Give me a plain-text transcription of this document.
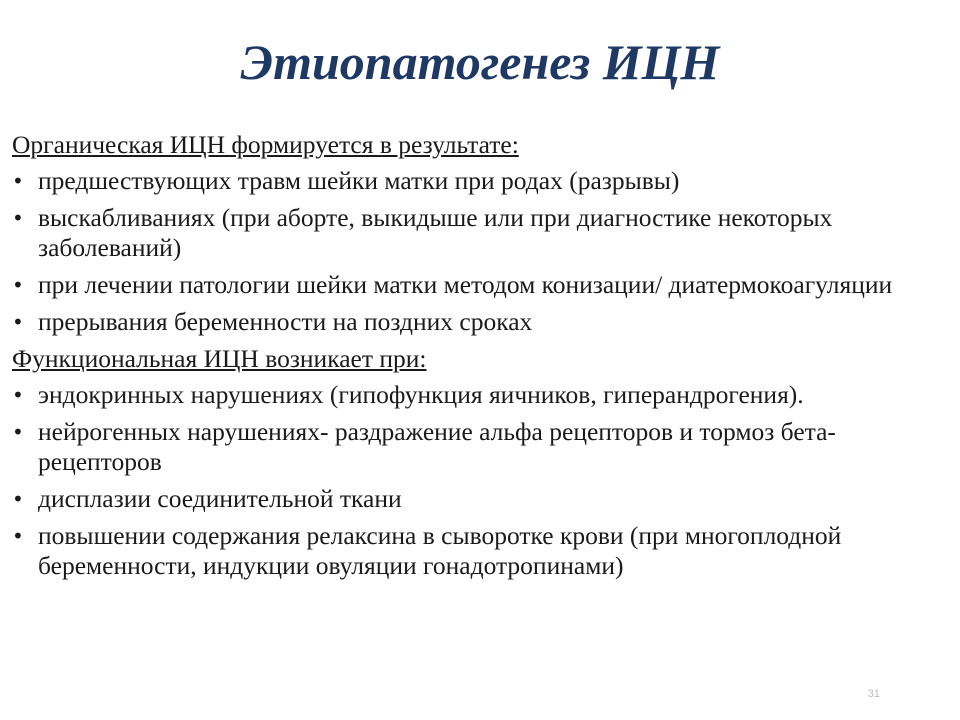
Этиопатогенез ИЦН
Органическая ИЦН формируется в результате:
• предшествующих травм шейки матки при родах (разрывы)
• выскабливаниях (при аборте, выкидыше или при диагностике некоторых заболеваний)
• при лечении патологии шейки матки методом конизации/ диатермокоагуляции
• прерывания беременности на поздних сроках
Функциональная ИЦН возникает при:
• эндокринных нарушениях (гипофункция яичников, гиперандрогения).
• нейрогенных нарушениях- раздражение альфа рецепторов и тормоз бета-рецепторов
• дисплазии соединительной ткани
• повышении содержания релаксина в сыворотке крови (при многоплодной беременности, индукции овуляции гонадотропинами)
31
